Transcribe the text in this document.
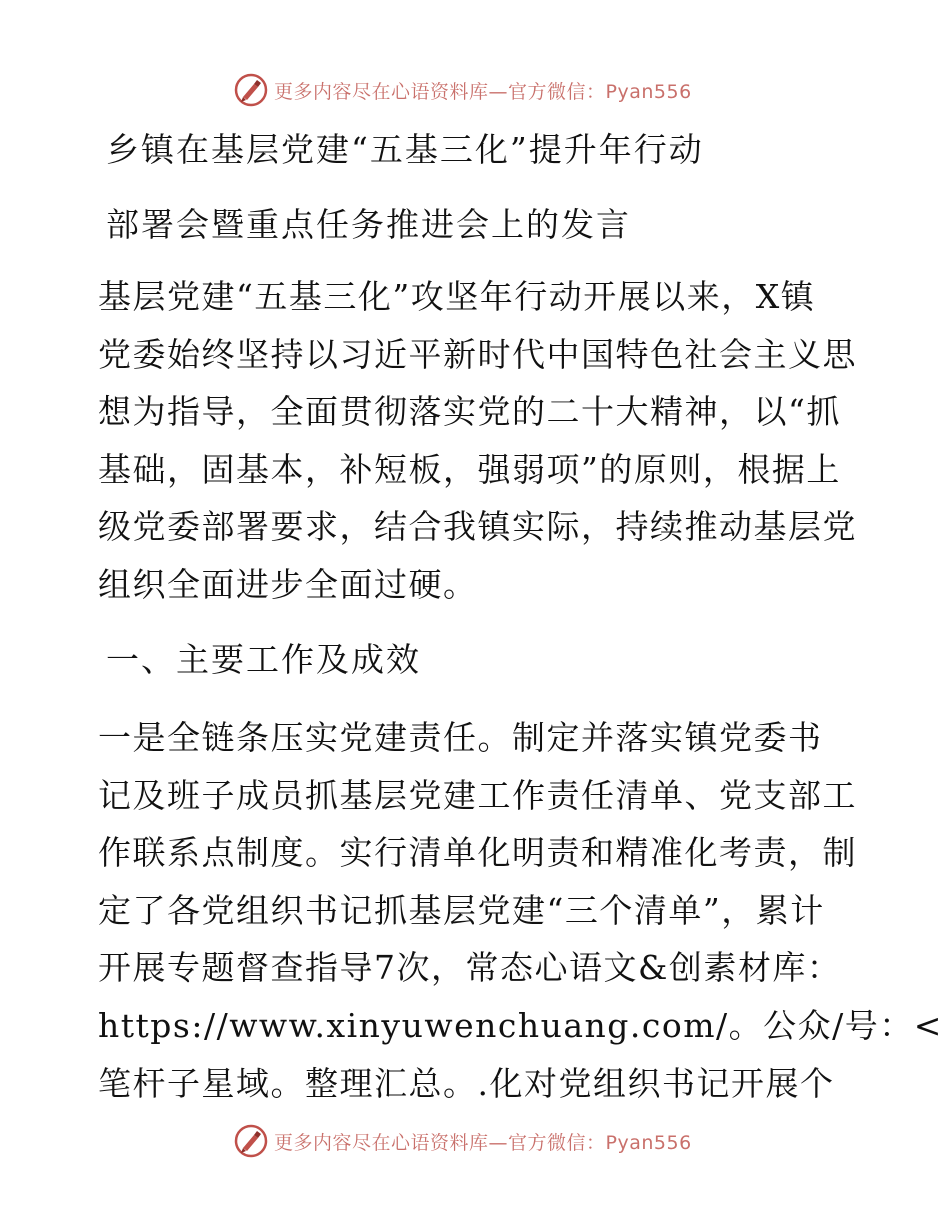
更多内容尽在心语资料库—官方微信：Pyan556
乡镇在基层党建“五基三化”提升年行动
部署会暨重点任务推进会上的发言
基层党建“五基三化”攻坚年行动开展以来，X镇
党委始终坚持以习近平新时代中国特色社会主义思
想为指导，全面贯彻落实党的二十大精神，以“抓
基础，固基本，补短板，强弱项”的原则，根据上
级党委部署要求，结合我镇实际，持续推动基层党
组织全面进步全面过硬。
一、主要工作及成效
一是全链条压实党建责任。制定并落实镇党委书
记及班子成员抓基层党建工作责任清单、党支部工
作联系点制度。实行清单化明责和精准化考责，制
定了各党组织书记抓基层党建“三个清单”，累计
开展专题督查指导7次，常态心语文&创素材库：
https://www.xinyuwenchuang.com/。公众/号：<
笔杆子星域。整理汇总。.化对党组织书记开展个
更多内容尽在心语资料库—官方微信：Pyan556
